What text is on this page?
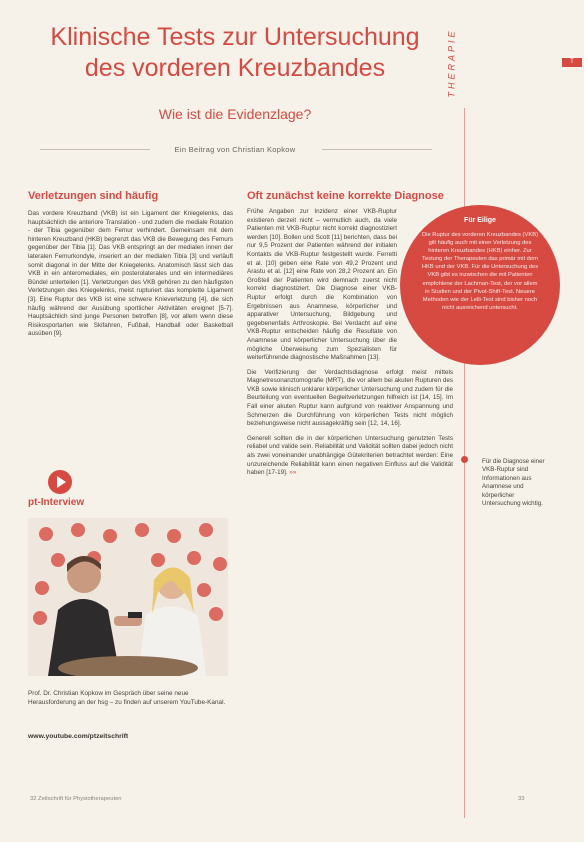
Klinische Tests zur Untersuchung
des vorderen Kreuzbandes
Wie ist die Evidenzlage?
Ein Beitrag von Christian Kopkow
THERAPIE	T
Verletzungen sind häufig

Das vordere Kreuzband (VKB) ist ein Ligament der Kniegelenks, das hauptsächlich die anteriore Translation - und zudem die mediale Rotation - der Tibia gegenüber dem Femur verhindert. Gemeinsam mit dem hinteren Kreuzband (HKB) begrenzt das VKB die Bewegung des Femurs gegenüber der Tibia [1]. Das VKB entspringt an der medialen innen der lateralen Femurkondyle, inseriert an der medialen Tibia [3] und verläuft somit diagonal in der Mitte der Kniegelenks. Anatomisch lässt sich das VKB in ein anteromediales, ein posterolaterales und ein intermediäres Bündel unterteilen [1]. Verletzungen des VKB gehören zu den häufigsten Verletzungen des Kniegelenks, meist rupturiert das komplette Ligament [3]. Eine Ruptur des VKB ist eine schwere Knieverletzung [4], die sich häufig während der Ausübung sportlicher Aktivitäten ereignet [5-7]. Hauptsächlich sind junge Personen betroffen [8], vor allem wenn diese Risikosportarten wie Skifahren, Fußball, Handball oder Basketball ausüben [9].

pt-Interview
Prof. Dr. Christian Kopkow im Gespräch über seine neue Herausforderung an der hsg – zu finden auf unserem YouTube-Kanal.
www.youtube.com/ptzeitschrift
Oft zunächst keine korrekte Diagnose

Frühe Angaben zur Inzidenz einer VKB-Ruptur existieren derzeit nicht – vermutlich auch, da viele Patienten mit VKB-Ruptur nicht korrekt diagnostiziert werden [10]. Bollen und Scott [11] berichten, dass bei nur 9,5 Prozent der Patienten während der initialen Kontakts die VKB-Ruptur festgestellt wurde. Ferretti et al. [10] geben eine Rate von 49,2 Prozent und Arastu et al. [12] eine Rate von 28,2 Prozent an. Ein Großteil der Patienten wird demnach zuerst nicht korrekt diagnostiziert. Die Diagnose einer VKB-Ruptur erfolgt durch die Kombination von Ergebnissen aus Anamnese, körperlicher und apparativer Untersuchung, Bildgebung und gegebenenfalls Arthroskopie. Bei Verdacht auf eine VKB-Ruptur entscheiden häufig die Resultate von Anamnese und körperlicher Untersuchung über die mögliche Überweisung zum Spezialisten für weiterführende diagnostische Maßnahmen [13].

Die Verifizierung der Verdachtsdiagnose erfolgt meist mittels Magnetresonanztomografie (MRT), die vor allem bei akuten Rupturen des VKB sowie klinisch unklarer körperlicher Untersuchung und zudem für die Beurteilung von eventuellen Begleitverletzungen hilfreich ist [14, 15]. Im Fall einer akuten Ruptur kann aufgrund von reaktiver Anspannung und Schmerzen die Durchführung von körperlichen Tests nicht möglich beziehungsweise nicht aussagekräftig sein [12, 14, 16].

Generell sollten die in der körperlichen Untersuchung genutzten Tests reliabel und valide sein. Reliabilität und Validität sollten dabei jedoch nicht als zwei voneinander unabhängige Gütekriterien betrachtet werden: Eine unzureichende Reliabilität kann einen negativen Einfluss auf die Validität haben [17-19]. »»

Für Eilige
Die Ruptur des vorderen Kreuzbandes (VKB) gilt häufig auch mit einer Verletzung des hinteren Kreuzbandes (HKB) einher. Zur Testung der Therapeuten das primär mit dem HKB und der VKB. Für die Untersuchung des VKB gibt es inzwischen die mit Patienten empfohlene der Lachman-Test, der vor allem in Studien und der Pivot-Shift-Test. Neuere Methoden wie der Lelli-Test sind bisher noch nicht ausreichend untersucht.
Für die Diagnose einer VKB-Ruptur sind Informationen aus Anamnese und körperlicher Untersuchung wichtig.
32 Zeitschrift für Physiotherapeuten	33
